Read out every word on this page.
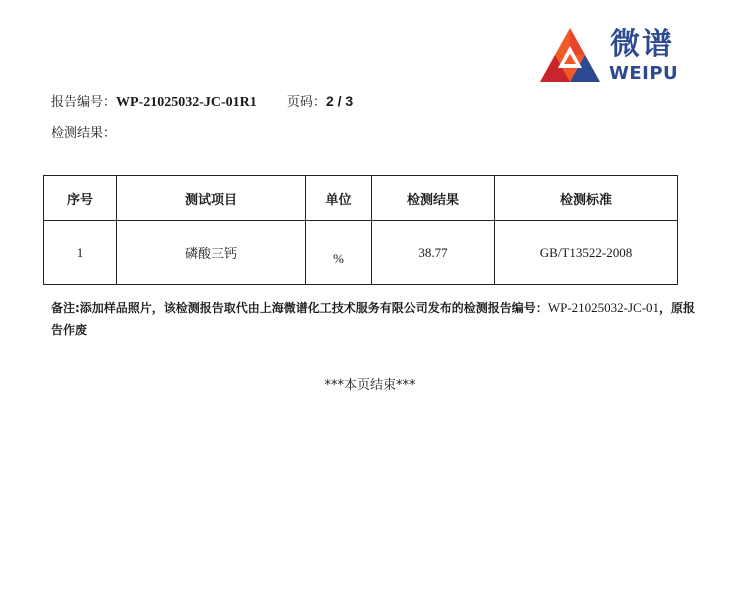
微谱
WEIPU
报告编号：WP-21025032-JC-01R1 页码：2 / 3
检测结果：
序号	测试项目	单位	检测结果	检测标准
1	磷酸三钙	%	38.77	GB/T13522-2008
备注:添加样品照片，该检测报告取代由上海微谱化工技术服务有限公司发布的检测报告编号：WP-21025032-JC-01，原报告作废
***本页结束***
